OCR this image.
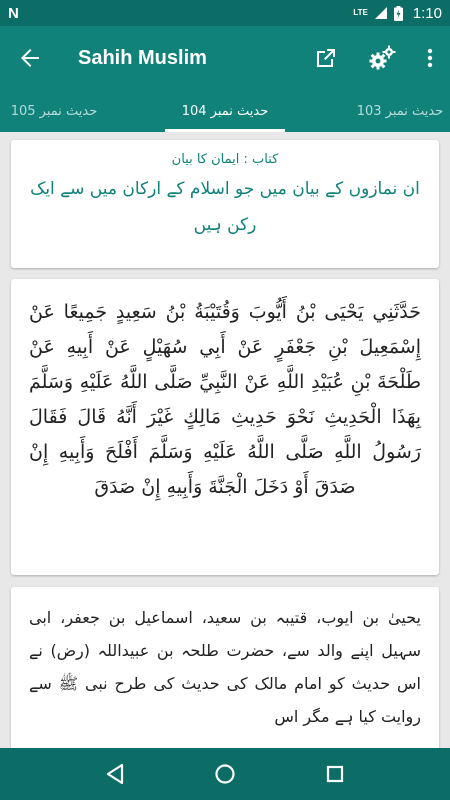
N	LTE	1:10
Sahih Muslim
حدیث نمبر 105	حدیث نمبر 104	حدیث نمبر 103
کتاب : ایمان کا بیان
ان نمازوں کے بیان میں جو اسلام کے ارکان میں سے ایک رکن ہیں
حَدَّثَنِي يَحْيَى بْنُ أَيُّوبَ وَقُتَيْبَةُ بْنُ سَعِيدٍ جَمِيعًا عَنْ إِسْمَعِيلَ بْنِ جَعْفَرٍ عَنْ أَبِي سُهَيْلٍ عَنْ أَبِيهِ عَنْ طَلْحَةَ بْنِ عُبَيْدِ اللَّهِ عَنْ النَّبِيِّ صَلَّى اللَّهُ عَلَيْهِ وَسَلَّمَ بِهَذَا الْحَدِيثِ نَحْوَ حَدِيثِ مَالِكٍ غَيْرَ أَنَّهُ قَالَ فَقَالَ رَسُولُ اللَّهِ صَلَّى اللَّهُ عَلَيْهِ وَسَلَّمَ أَفْلَحَ وَأَبِيهِ إِنْ صَدَقَ أَوْ دَخَلَ الْجَنَّةَ وَأَبِيهِ إِنْ صَدَقَ
یحییٰ بن ایوب، قتیبہ بن سعید، اسماعیل بن جعفر، ابی سہیل اپنے والد سے، حضرت طلحہ بن عبیداللہ (رض) نے اس حدیث کو امام مالک کی حدیث کی طرح نبی ﷺ سے روایت کیا ہے مگر اس
